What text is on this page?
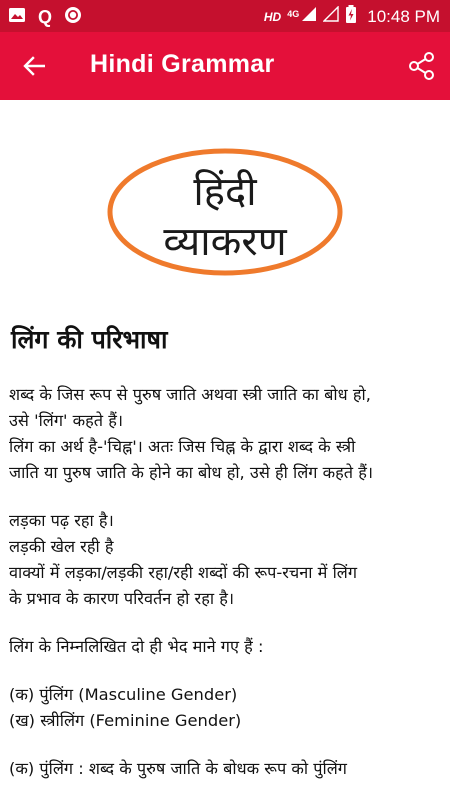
Q	HD 4G	10:48 PM
Hindi Grammar
हिंदी
व्याकरण
लिंग की परिभाषा

शब्द के जिस रूप से पुरुष जाति अथवा स्त्री जाति का बोध हो,

उसे 'लिंग' कहते हैं।

लिंग का अर्थ है-'चिह्न'। अतः जिस चिह्न के द्वारा शब्द के स्त्री

जाति या पुरुष जाति के होने का बोध हो, उसे ही लिंग कहते हैं।

लड़का पढ़ रहा है।

लड़की खेल रही है

वाक्यों में लड़का/लड़की रहा/रही शब्दों की रूप-रचना में लिंग

के प्रभाव के कारण परिवर्तन हो रहा है।

लिंग के निम्नलिखित दो ही भेद माने गए हैं :

(क) पुंलिंग (Masculine Gender)

(ख) स्त्रीलिंग (Feminine Gender)

(क) पुंलिंग : शब्द के पुरुष जाति के बोधक रूप को पुंलिंग
